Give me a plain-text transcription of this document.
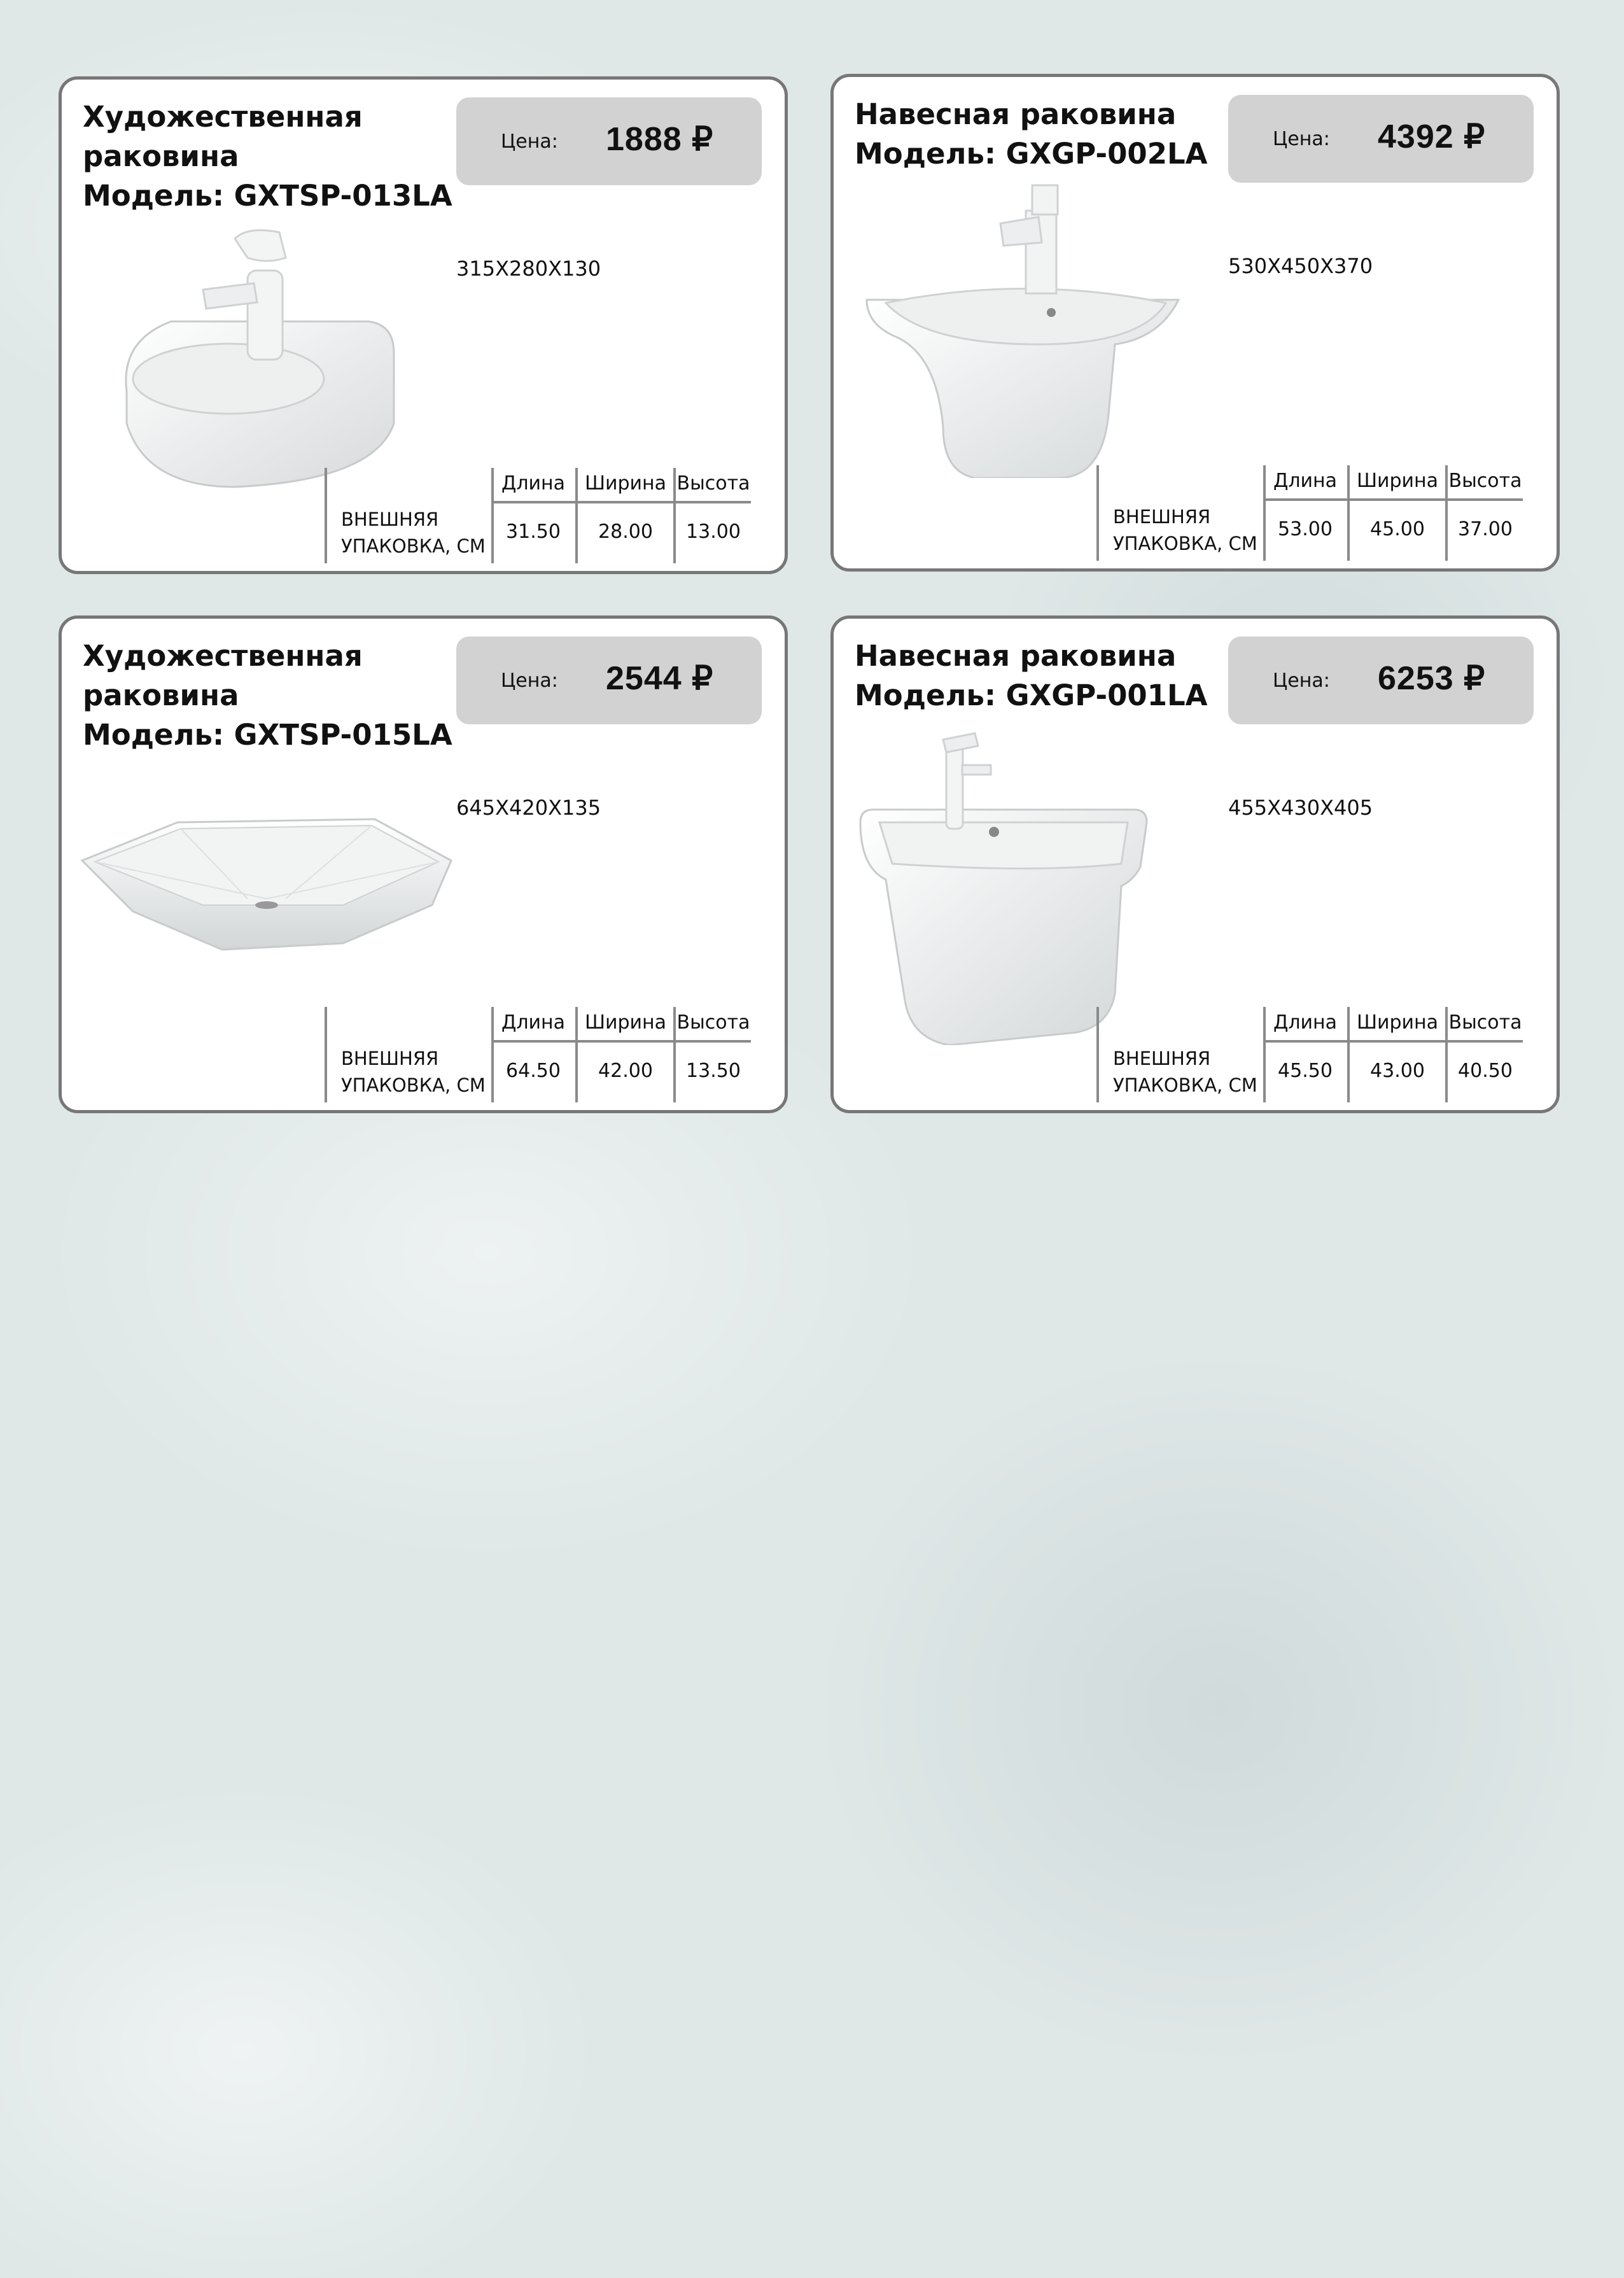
Художественная
раковина
Модель: GXTSP-013LA
Цена: 1888 ₽
315X280X130
Длина	Ширина Высота
ВНЕШНЯЯ
УПАКОВКА, СМ
31.50	28.00	13.00
Навесная раковина
Модель: GXGP-002LA	Цена: 4392 ₽
530X450X370
Длина	Ширина Высота
ВНЕШНЯЯ
УПАКОВКА, СМ
53.00	45.00	37.00
Художественная
раковина
Модель: GXTSP-015LA
Цена: 2544 ₽
645X420X135
Длина	Ширина Высота
ВНЕШНЯЯ
УПАКОВКА, СМ
64.50	42.00	13.50
Навесная раковина
Модель: GXGP-001LA	Цена: 6253 ₽
455X430X405
Длина	Ширина Высота
ВНЕШНЯЯ
УПАКОВКА, СМ
45.50	43.00	40.50
